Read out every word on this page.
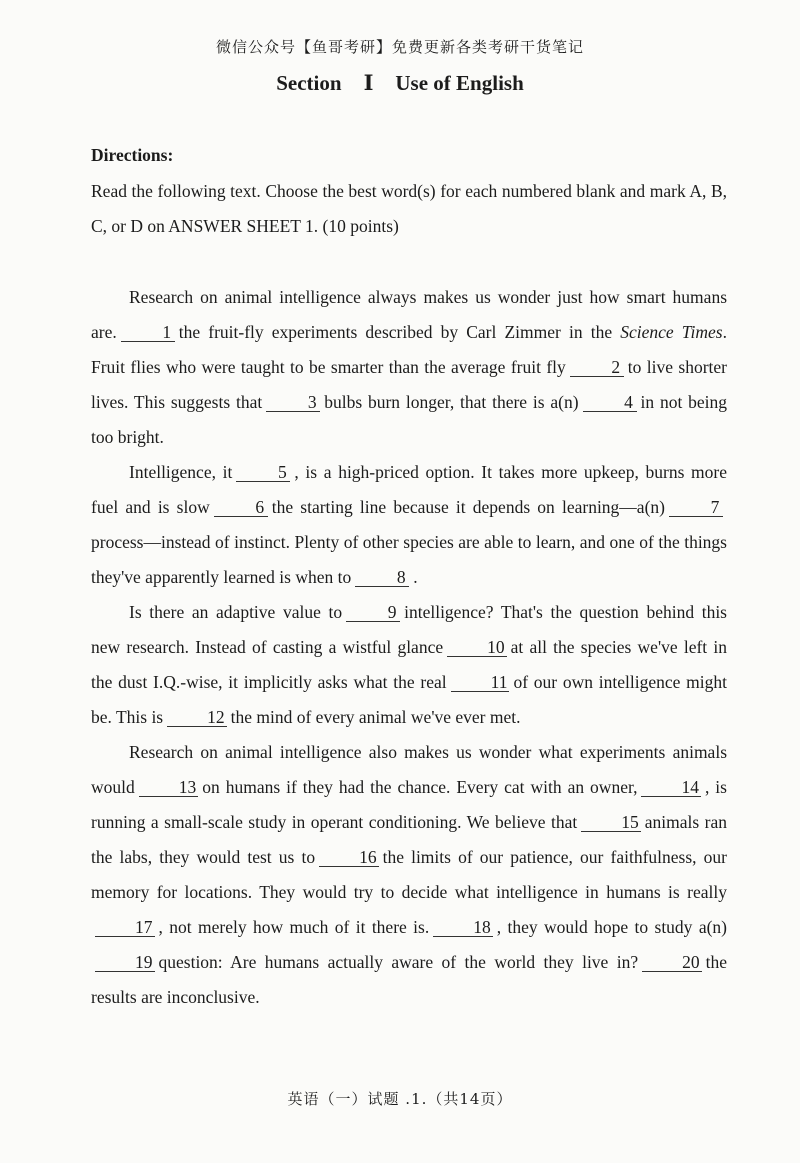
微信公众号【鱼哥考研】免费更新各类考研干货笔记
Section Ⅰ Use of English
Directions:
Read the following text. Choose the best word(s) for each numbered blank and mark A, B, C, or D on ANSWER SHEET 1. (10 points)

Research on animal intelligence always makes us wonder just how smart humans are.	1 the fruit-fly experiments described by Carl Zimmer in the Science Times. Fruit flies who were taught to be smarter than the average fruit fly	2 to live shorter lives. This suggests that	3 bulbs burn longer, that there is a(n)	4 in not being too bright.

Intelligence, it	5 , is a high-priced option. It takes more upkeep, burns more fuel and is slow	6 the starting line because it depends on learning—a(n)	7process—instead of instinct. Plenty of other species are able to learn, and one of the things they've apparently learned is when to	8 .

Is there an adaptive value to	9 intelligence? That's the question behind this new research. Instead of casting a wistful glance	10 at all the species we've left in the dust I.Q.-wise, it implicitly asks what the real	11 of our own intelligence might be. This is	12 the mind of every animal we've ever met.

Research on animal intelligence also makes us wonder what experiments animals would	13 on humans if they had the chance. Every cat with an owner,	14 , is running a small-scale study in operant conditioning. We believe that	15 animals ran the labs, they would test us to	16 the limits of our patience, our faithfulness, our memory for locations. They would try to decide what intelligence in humans is really17 , not merely how much of it there is.	18 , they would hope to study a(n)19 question: Are humans actually aware of the world they live in?	20 the results are inconclusive.

英语（一）试题 .1.（共14页）
